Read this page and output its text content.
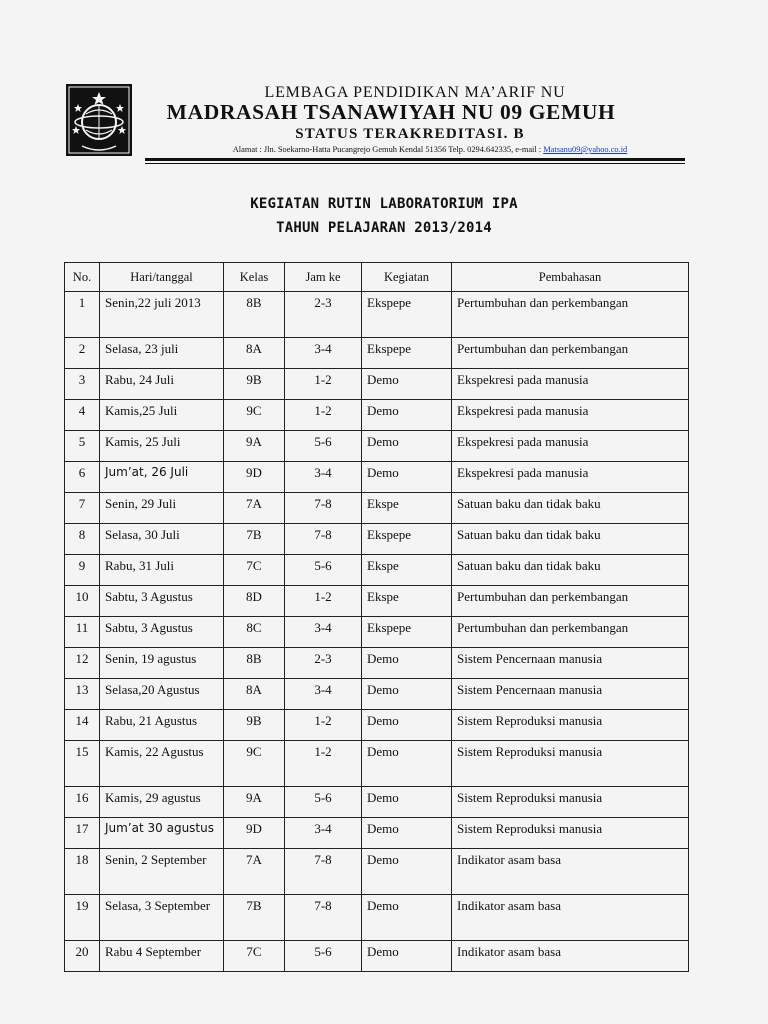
LEMBAGA PENDIDIKAN MA’ARIF NU
MADRASAH TSANAWIYAH NU 09 GEMUH
STATUS TERAKREDITASI. B
Alamat : Jln. Soekarno-Hatta Pucangrejo Gemuh Kendal 51356 Telp. 0294.642335, e-mail : Matsanu09@yahoo.co.id
KEGIATAN RUTIN LABORATORIUM IPA
TAHUN PELAJARAN 2013/2014
No.	Hari/tanggal	Kelas	Jam ke	Kegiatan	Pembahasan
1	Senin,22 juli 2013	8B	2-3	Ekspepe	Pertumbuhan dan perkembangan
2	Selasa, 23 juli	8A	3-4	Ekspepe	Pertumbuhan dan perkembangan
3	Rabu, 24 Juli	9B	1-2	Demo	Ekspekresi pada manusia
4	Kamis,25 Juli	9C	1-2	Demo	Ekspekresi pada manusia
5	Kamis, 25 Juli	9A	5-6	Demo	Ekspekresi pada manusia
6	Jum’at, 26 Juli	9D	3-4	Demo	Ekspekresi pada manusia
7	Senin, 29 Juli	7A	7-8	Ekspe	Satuan baku dan tidak baku
8	Selasa, 30 Juli	7B	7-8	Ekspepe	Satuan baku dan tidak baku
9	Rabu, 31 Juli	7C	5-6	Ekspe	Satuan baku dan tidak baku
10	Sabtu, 3 Agustus	8D	1-2	Ekspe	Pertumbuhan dan perkembangan
11	Sabtu, 3 Agustus	8C	3-4	Ekspepe	Pertumbuhan dan perkembangan
12	Senin, 19 agustus	8B	2-3	Demo	Sistem Pencernaan manusia
13	Selasa,20 Agustus	8A	3-4	Demo	Sistem Pencernaan manusia
14	Rabu, 21 Agustus	9B	1-2	Demo	Sistem Reproduksi manusia
15	Kamis, 22 Agustus	9C	1-2	Demo	Sistem Reproduksi manusia
16	Kamis, 29 agustus	9A	5-6	Demo	Sistem Reproduksi manusia
17	Jum’at 30 agustus	9D	3-4	Demo	Sistem Reproduksi manusia
18	Senin, 2 September	7A	7-8	Demo	Indikator asam basa
19	Selasa, 3 September	7B	7-8	Demo	Indikator asam basa
20	Rabu 4 September	7C	5-6	Demo	Indikator asam basa
